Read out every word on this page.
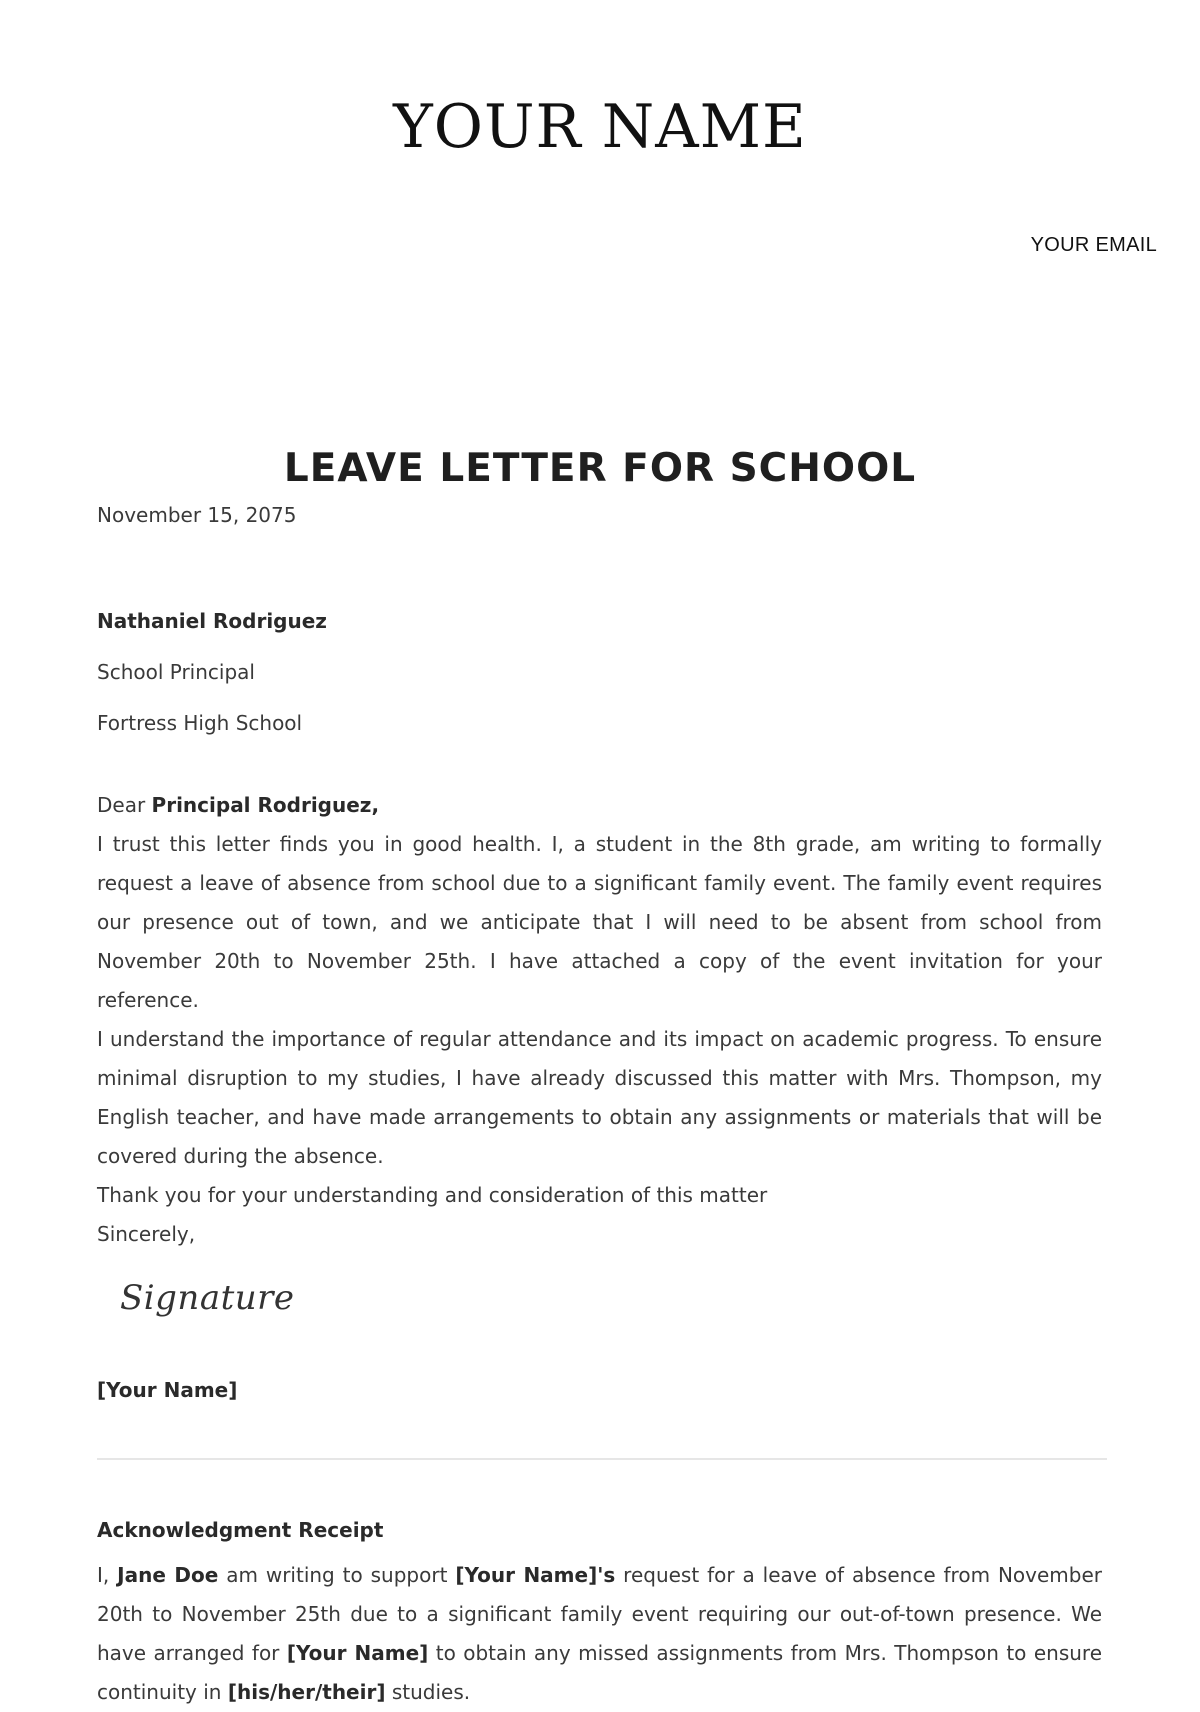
YOUR NAME
YOUR EMAIL
LEAVE LETTER FOR SCHOOL
November 15, 2075
Nathaniel Rodriguez
School Principal
Fortress High School

Dear Principal Rodriguez,

I trust this letter finds you in good health. I, a student in the 8th grade, am writing to formally request a leave of absence from school due to a significant family event. The family event requires our presence out of town, and we anticipate that I will need to be absent from school from November 20th to November 25th. I have attached a copy of the event invitation for your reference.

I understand the importance of regular attendance and its impact on academic progress. To ensure minimal disruption to my studies, I have already discussed this matter with Mrs. Thompson, my English teacher, and have made arrangements to obtain any assignments or materials that will be covered during the absence.

Thank you for your understanding and consideration of this matter

Sincerely,

Signature
[Your Name]
Acknowledgment Receipt

I, Jane Doe am writing to support [Your Name]'s request for a leave of absence from November 20th to November 25th due to a significant family event requiring our out-of-town presence. We have arranged for [Your Name] to obtain any missed assignments from Mrs. Thompson to ensure continuity in [his/her/their] studies.
